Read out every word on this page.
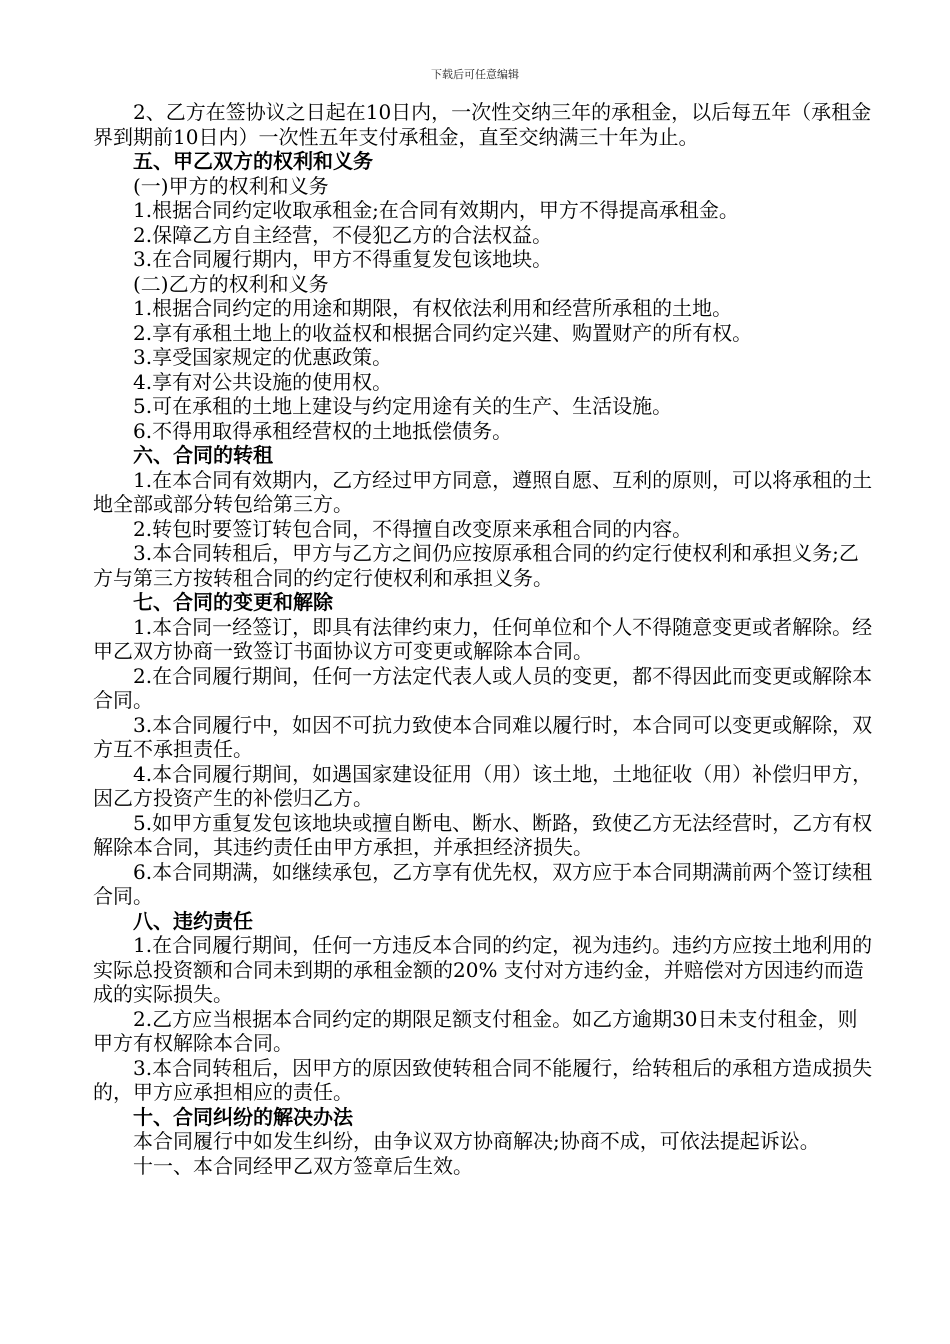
下载后可任意编辑

2、乙方在签协议之日起在10日内，一次性交纳三年的承租金，以后每五年（承租金界到期前10日内）一次性五年支付承租金，直至交纳满三十年为止。

五、甲乙双方的权利和义务

(一)甲方的权利和义务

1.根据合同约定收取承租金;在合同有效期内，甲方不得提高承租金。

2.保障乙方自主经营，不侵犯乙方的合法权益。

3.在合同履行期内，甲方不得重复发包该地块。

(二)乙方的权利和义务

1.根据合同约定的用途和期限，有权依法利用和经营所承租的土地。

2.享有承租土地上的收益权和根据合同约定兴建、购置财产的所有权。

3.享受国家规定的优惠政策。

4.享有对公共设施的使用权。

5.可在承租的土地上建设与约定用途有关的生产、生活设施。

6.不得用取得承租经营权的土地抵偿债务。

六、合同的转租

1.在本合同有效期内，乙方经过甲方同意，遵照自愿、互利的原则，可以将承租的土地全部或部分转包给第三方。

2.转包时要签订转包合同，不得擅自改变原来承租合同的内容。

3.本合同转租后，甲方与乙方之间仍应按原承租合同的约定行使权利和承担义务;乙方与第三方按转租合同的约定行使权利和承担义务。

七、合同的变更和解除

1.本合同一经签订，即具有法律约束力，任何单位和个人不得随意变更或者解除。经甲乙双方协商一致签订书面协议方可变更或解除本合同。

2.在合同履行期间，任何一方法定代表人或人员的变更，都不得因此而变更或解除本合同。

3.本合同履行中，如因不可抗力致使本合同难以履行时，本合同可以变更或解除，双方互不承担责任。

4.本合同履行期间，如遇国家建设征用（用）该土地，土地征收（用）补偿归甲方，因乙方投资产生的补偿归乙方。

5.如甲方重复发包该地块或擅自断电、断水、断路，致使乙方无法经营时，乙方有权解除本合同，其违约责任由甲方承担，并承担经济损失。

6.本合同期满，如继续承包，乙方享有优先权，双方应于本合同期满前两个签订续租合同。

八、违约责任

1.在合同履行期间，任何一方违反本合同的约定，视为违约。违约方应按土地利用的实际总投资额和合同未到期的承租金额的20% 支付对方违约金，并赔偿对方因违约而造成的实际损失。

2.乙方应当根据本合同约定的期限足额支付租金。如乙方逾期30日未支付租金，则甲方有权解除本合同。

3.本合同转租后，因甲方的原因致使转租合同不能履行，给转租后的承租方造成损失的，甲方应承担相应的责任。

十、合同纠纷的解决办法

本合同履行中如发生纠纷，由争议双方协商解决;协商不成，可依法提起诉讼。

十一、本合同经甲乙双方签章后生效。
